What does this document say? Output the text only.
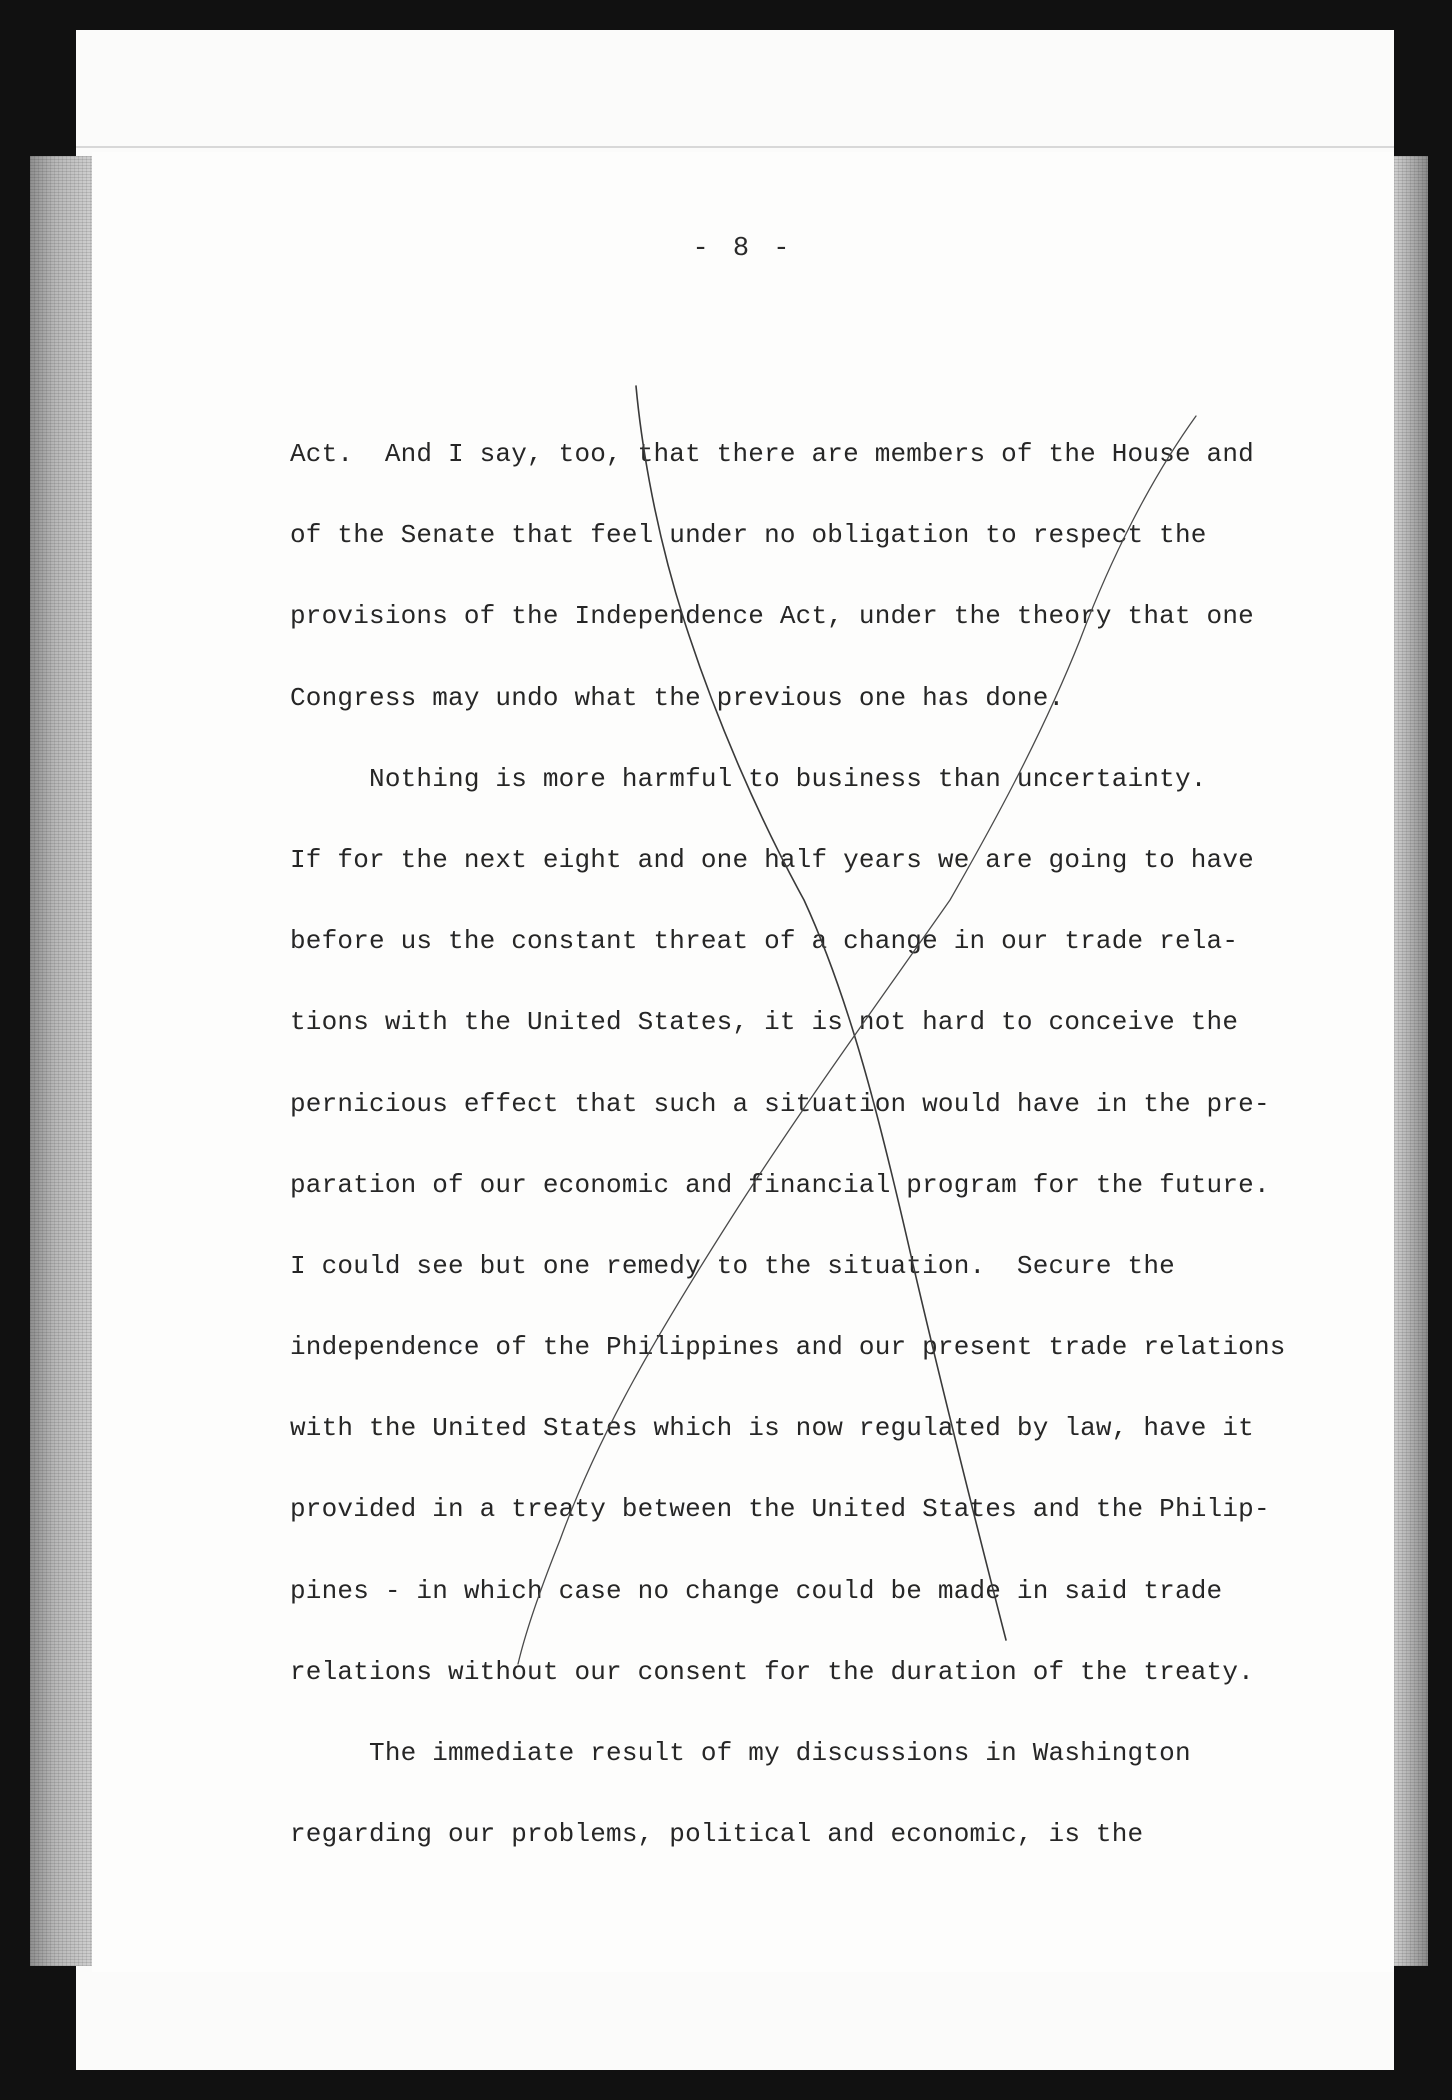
- 8 -
Act.  And I say, too, that there are members of the House and
of the Senate that feel under no obligation to respect the
provisions of the Independence Act, under the theory that one
Congress may undo what the previous one has done.
Nothing is more harmful to business than uncertainty.
If for the next eight and one half years we are going to have
before us the constant threat of a change in our trade rela-
tions with the United States, it is not hard to conceive the
pernicious effect that such a situation would have in the pre-
paration of our economic and financial program for the future.
I could see but one remedy to the situation.  Secure the
independence of the Philippines and our present trade relations
with the United States which is now regulated by law, have it
provided in a treaty between the United States and the Philip-
pines - in which case no change could be made in said trade
relations without our consent for the duration of the treaty.
The immediate result of my discussions in Washington
regarding our problems, political and economic, is the
